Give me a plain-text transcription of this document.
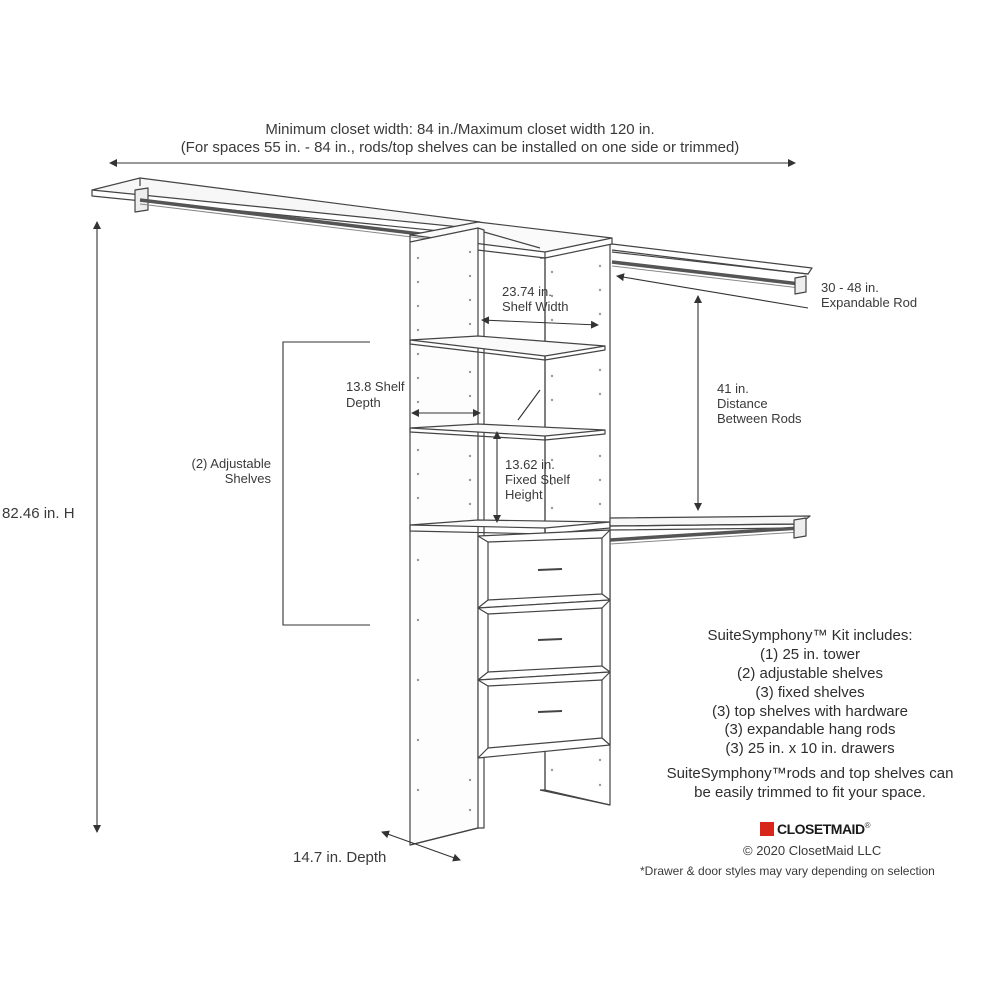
Minimum closet width: 84 in./Maximum closet width 120 in.
(For spaces 55 in. - 84 in., rods/top shelves can be installed on one side or trimmed)
82.46 in. H
14.7 in. Depth
23.74 in.
Shelf Width
13.8 Shelf
Depth
13.62 in.
Fixed Shelf
Height
(2) Adjustable
Shelves
30 - 48 in.
Expandable Rod
41 in.
Distance
Between Rods
SuiteSymphony™ Kit includes:
(1) 25 in. tower
(2) adjustable shelves
(3) fixed shelves
(3) top shelves with hardware
(3) expandable hang rods
(3) 25 in. x 10 in. drawers
SuiteSymphony™rods and top shelves can
be easily trimmed to fit your space.
CLOSETMAID ®
© 2020 ClosetMaid LLC
*Drawer & door styles may vary depending on selection
